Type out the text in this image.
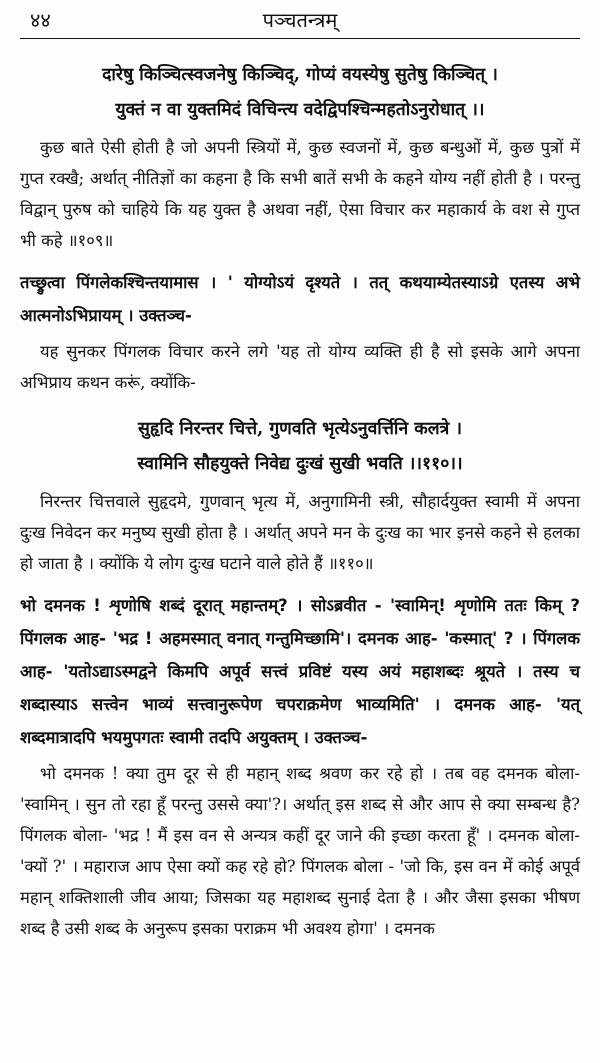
४४	पञ्चतन्त्रम्
दारेषु किञ्चित्स्वजनेषु किञ्चिद्, गोप्यं वयस्येषु सुतेषु किञ्चित् ।
युक्तं न वा युक्तमिदं विचिन्त्य वदेद्विपश्चिन्महतोऽनुरोधात् ।।

कुछ बाते ऐसी होती है जो अपनी स्त्रियों में, कुछ स्वजनों में, कुछ बन्धुओं में, कुछ पुत्रों में गुप्त रक्खै; अर्थात् नीतिज्ञों का कहना है कि सभी बातें सभी के कहने योग्य नहीं होती है । परन्तु विद्वान् पुरुष को चाहिये कि यह युक्त है अथवा नहीं, ऐसा विचार कर महाकार्य के वश से गुप्त भी कहे ॥१०९॥

तच्छ्रुत्वा पिंगलेकश्चिन्तयामास । ' योग्योऽयं दृश्यते । तत् कथयाम्येतस्याऽग्रे एतस्य अभे आत्मनोऽभिप्रायम् । उक्तञ्च-

यह सुनकर पिंगलक विचार करने लगे 'यह तो योग्य व्यक्ति ही है सो इसके आगे अपना अभिप्राय कथन करूं, क्योंकि-

सुहृदि निरन्तर चित्ते, गुणवति भृत्येऽनुवर्त्तिनि कलत्रे ।
स्वामिनि सौहयुक्ते निवेद्य दुःखं सुखी भवति ।।११०।।

निरन्तर चित्तवाले सुहृदमे, गुणवान् भृत्य में, अनुगामिनी स्त्री, सौहार्दयुक्त स्वामी में अपना दुःख निवेदन कर मनुष्य सुखी होता है । अर्थात् अपने मन के दुःख का भार इनसे कहने से हलका हो जाता है । क्योंकि ये लोग दुःख घटाने वाले होते हैं ॥११०॥

भो दमनक ! शृणोषि शब्दं दूरात् महान्तम्? । सोऽब्रवीत - 'स्वामिन्! शृणोमि ततः किम् ? पिंगलक आह- 'भद्र ! अहमस्मात् वनात् गन्तुमिच्छामि'। दमनक आह- 'कस्मात्' ? । पिंगलक आह- 'यतोऽद्याऽस्मद्वने किमपि अपूर्व सत्त्वं प्रविष्टं यस्य अयं महाशब्दः श्रूयते । तस्य च शब्दास्याऽ सत्त्वेन भाव्यं सत्त्वानुरूपेण चपराक्रमेण भाव्यमिति' । दमनक आह- 'यत् शब्दमात्रादपि भयमुपगतः स्वामी तदपि अयुक्तम् । उक्तञ्च-

भो दमनक ! क्या तुम दूर से ही महान् शब्द श्रवण कर रहे हो । तब वह दमनक बोला- 'स्वामिन् । सुन तो रहा हूँ परन्तु उससे क्या'?। अर्थात् इस शब्द से और आप से क्या सम्बन्ध है? पिंगलक बोला- 'भद्र ! मैं इस वन से अन्यत्र कहीं दूर जाने की इच्छा करता हूँ' । दमनक बोला- 'क्यों ?' । महाराज आप ऐसा क्यों कह रहे हो? पिंगलक बोला - 'जो कि, इस वन में कोई अपूर्व महान् शक्तिशाली जीव आया; जिसका यह महाशब्द सुनाई देता है । और जैसा इसका भीषण शब्द है उसी शब्द के अनुरूप इसका पराक्रम भी अवश्य होगा' । दमनक
